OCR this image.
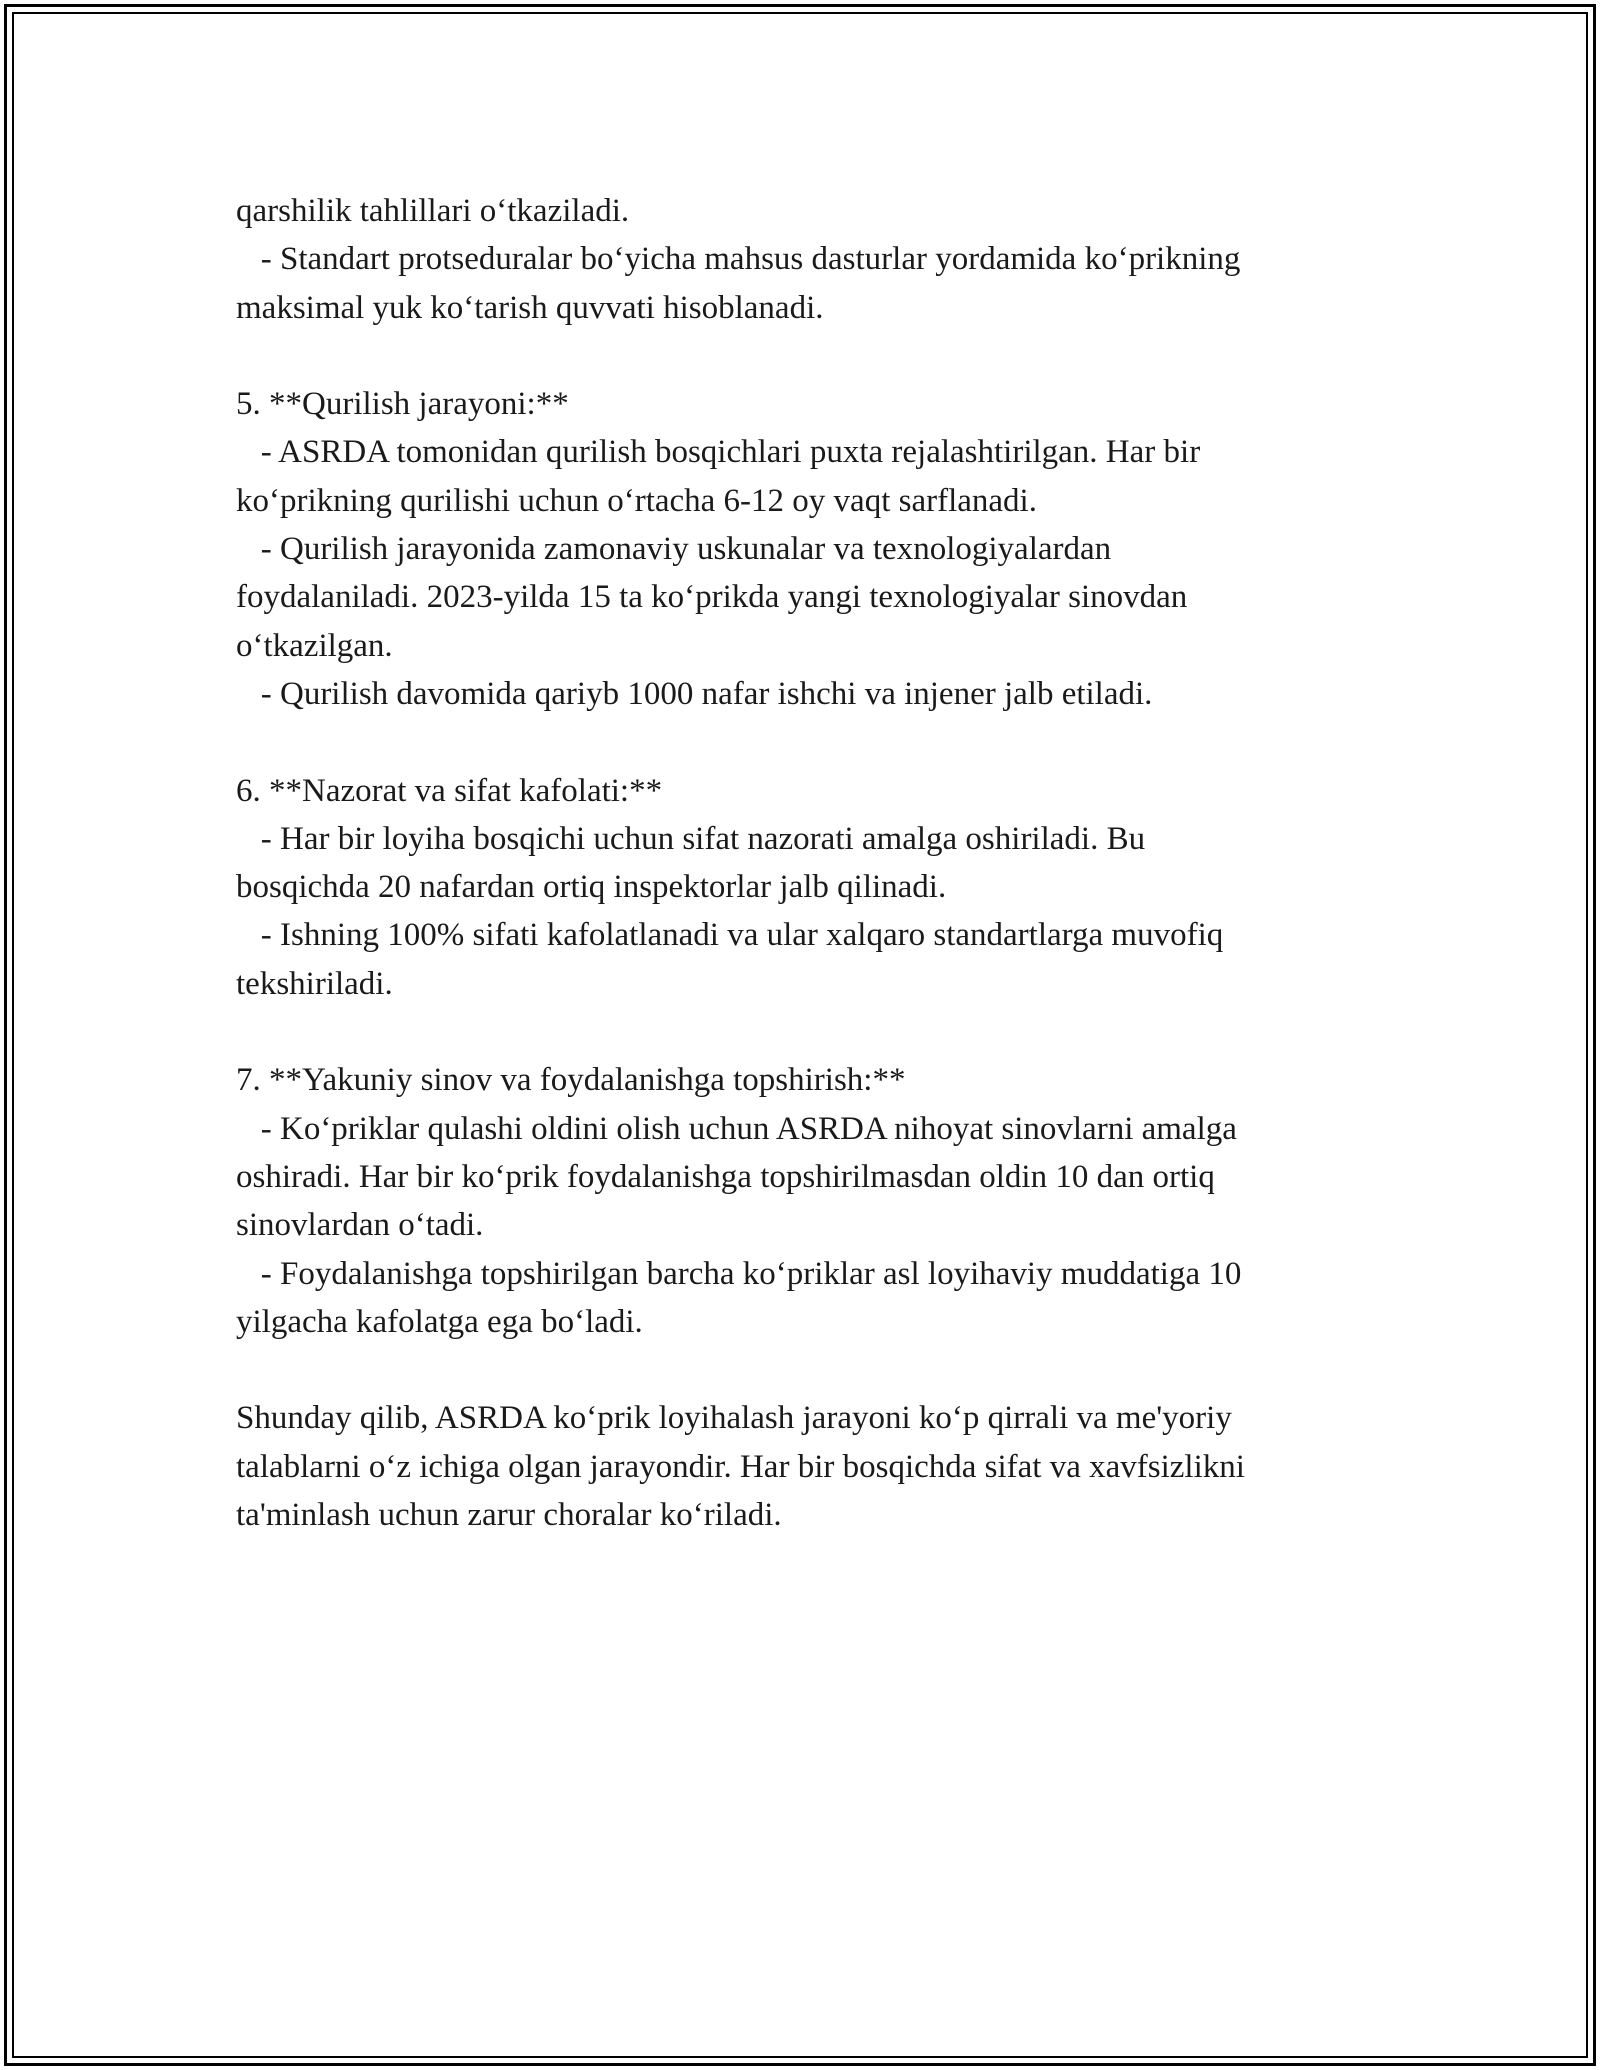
qarshilik tahlillari o‘tkaziladi.

- Standart protseduralar bo‘yicha mahsus dasturlar yordamida ko‘prikning

maksimal yuk ko‘tarish quvvati hisoblanadi.

5. **Qurilish jarayoni:**

- ASRDA tomonidan qurilish bosqichlari puxta rejalashtirilgan. Har bir

ko‘prikning qurilishi uchun o‘rtacha 6-12 oy vaqt sarflanadi.

- Qurilish jarayonida zamonaviy uskunalar va texnologiyalardan

foydalaniladi. 2023-yilda 15 ta ko‘prikda yangi texnologiyalar sinovdan

o‘tkazilgan.

- Qurilish davomida qariyb 1000 nafar ishchi va injener jalb etiladi.

6. **Nazorat va sifat kafolati:**

- Har bir loyiha bosqichi uchun sifat nazorati amalga oshiriladi. Bu

bosqichda 20 nafardan ortiq inspektorlar jalb qilinadi.

- Ishning 100% sifati kafolatlanadi va ular xalqaro standartlarga muvofiq

tekshiriladi.

7. **Yakuniy sinov va foydalanishga topshirish:**

- Ko‘priklar qulashi oldini olish uchun ASRDA nihoyat sinovlarni amalga

oshiradi. Har bir ko‘prik foydalanishga topshirilmasdan oldin 10 dan ortiq

sinovlardan o‘tadi.

- Foydalanishga topshirilgan barcha ko‘priklar asl loyihaviy muddatiga 10

yilgacha kafolatga ega bo‘ladi.

Shunday qilib, ASRDA ko‘prik loyihalash jarayoni ko‘p qirrali va me'yoriy

talablarni o‘z ichiga olgan jarayondir. Har bir bosqichda sifat va xavfsizlikni

ta'minlash uchun zarur choralar ko‘riladi.
